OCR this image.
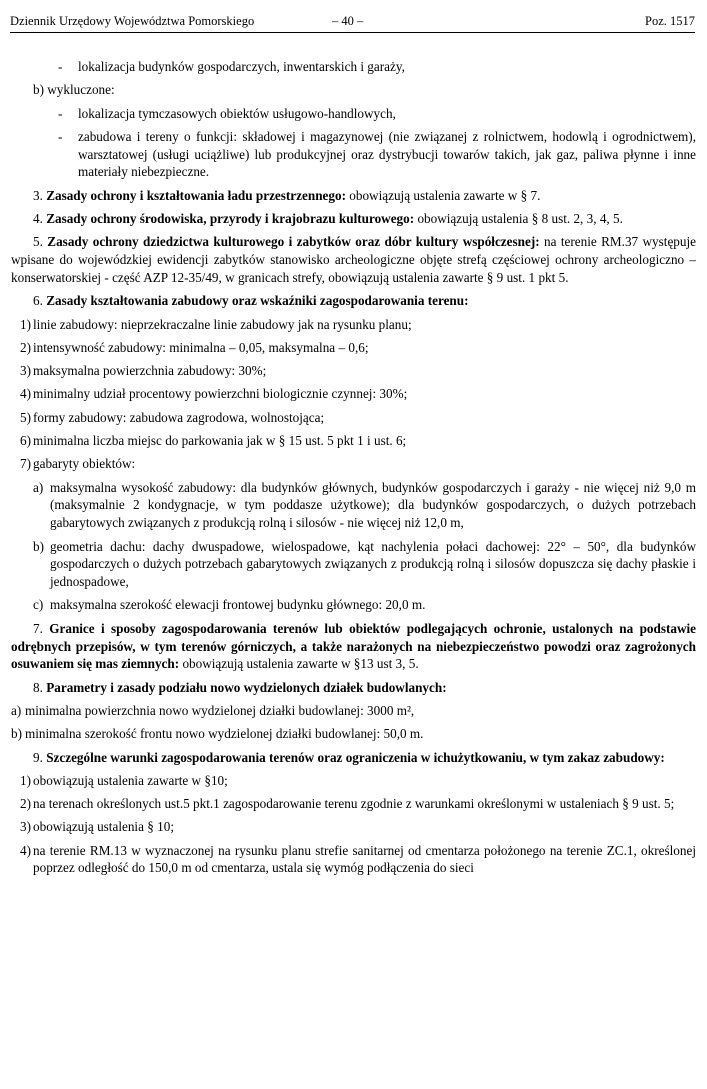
Dziennik Urzędowy Województwa Pomorskiego	– 40 –	Poz. 1517
-	lokalizacja budynków gospodarczych, inwentarskich i garaży,
b) wykluczone:
-	lokalizacja tymczasowych obiektów usługowo-handlowych,
-	zabudowa i tereny o funkcji: składowej i magazynowej (nie związanej z rolnictwem, hodowlą i ogrodnictwem), warsztatowej (usługi uciążliwe) lub produkcyjnej oraz dystrybucji towarów takich, jak gaz, paliwa płynne i inne materiały niebezpieczne.

3. Zasady ochrony i kształtowania ładu przestrzennego: obowiązują ustalenia zawarte w § 7.

4. Zasady ochrony środowiska, przyrody i krajobrazu kulturowego: obowiązują ustalenia § 8 ust. 2, 3, 4, 5.

5. Zasady ochrony dziedzictwa kulturowego i zabytków oraz dóbr kultury współczesnej: na terenie RM.37 występuje wpisane do wojewódzkiej ewidencji zabytków stanowisko archeologiczne objęte strefą częściowej ochrony archeologiczno – konserwatorskiej - część AZP 12-35/49, w granicach strefy, obowiązują ustalenia zawarte § 9 ust. 1 pkt 5.

6. Zasady kształtowania zabudowy oraz wskaźniki zagospodarowania terenu:

1) linie zabudowy: nieprzekraczalne linie zabudowy jak na rysunku planu;
2) intensywność zabudowy: minimalna – 0,05, maksymalna – 0,6;
3) maksymalna powierzchnia zabudowy: 30%;
4) minimalny udział procentowy powierzchni biologicznie czynnej: 30%;
5) formy zabudowy: zabudowa zagrodowa, wolnostojąca;
6) minimalna liczba miejsc do parkowania jak w § 15 ust. 5 pkt 1 i ust. 6;
7) gabaryty obiektów:
a) maksymalna wysokość zabudowy: dla budynków głównych, budynków gospodarczych i garaży - nie więcej niż 9,0 m (maksymalnie 2 kondygnacje, w tym poddasze użytkowe); dla budynków gospodarczych, o dużych potrzebach gabarytowych związanych z produkcją rolną i silosów - nie więcej niż 12,0 m,
b) geometria dachu: dachy dwuspadowe, wielospadowe, kąt nachylenia połaci dachowej: 22° – 50°, dla budynków gospodarczych o dużych potrzebach gabarytowych związanych z produkcją rolną i silosów dopuszcza się dachy płaskie i jednospadowe,
c) maksymalna szerokość elewacji frontowej budynku głównego: 20,0 m.

7. Granice i sposoby zagospodarowania terenów lub obiektów podlegających ochronie, ustalonych na podstawie odrębnych przepisów, w tym terenów górniczych, a także narażonych na niebezpieczeństwo powodzi oraz zagrożonych osuwaniem się mas ziemnych: obowiązują ustalenia zawarte w §13 ust 3, 5.

8. Parametry i zasady podziału nowo wydzielonych działek budowlanych:

a) minimalna powierzchnia nowo wydzielonej działki budowlanej: 3000 m²,
b) minimalna szerokość frontu nowo wydzielonej działki budowlanej: 50,0 m.

9. Szczególne warunki zagospodarowania terenów oraz ograniczenia w ichużytkowaniu, w tym zakaz zabudowy:

1) obowiązują ustalenia zawarte w §10;
2) na terenach określonych ust.5 pkt.1 zagospodarowanie terenu zgodnie z warunkami określonymi w ustaleniach § 9 ust. 5;
3) obowiązują ustalenia § 10;
4) na terenie RM.13 w wyznaczonej na rysunku planu strefie sanitarnej od cmentarza położonego na terenie ZC.1, określonej poprzez odległość do 150,0 m od cmentarza, ustala się wymóg podłączenia do sieci
